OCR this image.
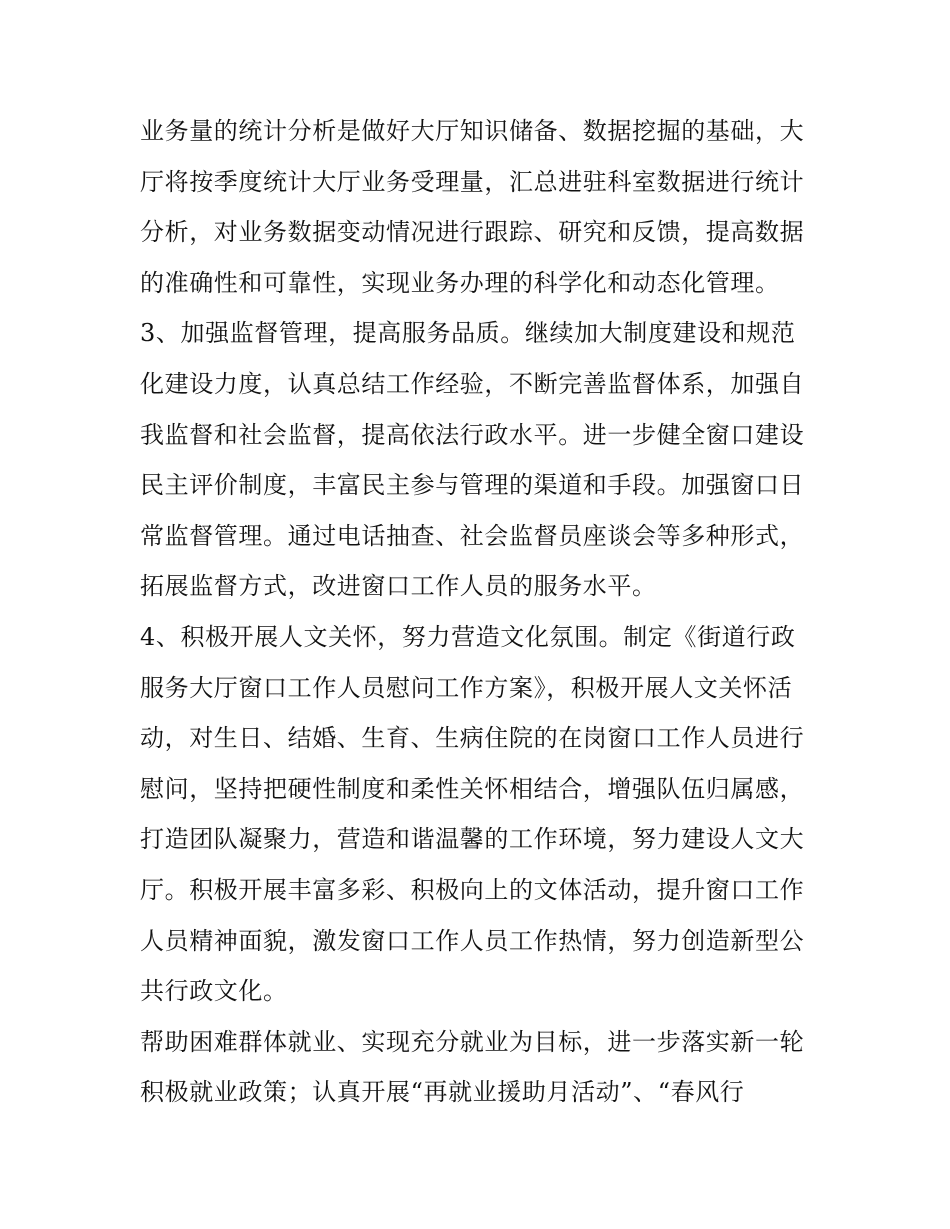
业务量的统计分析是做好大厅知识储备、数据挖掘的基础，大
厅将按季度统计大厅业务受理量，汇总进驻科室数据进行统计
分析，对业务数据变动情况进行跟踪、研究和反馈，提高数据
的准确性和可靠性，实现业务办理的科学化和动态化管理。
3、加强监督管理，提高服务品质。继续加大制度建设和规范
化建设力度，认真总结工作经验，不断完善监督体系，加强自
我监督和社会监督，提高依法行政水平。进一步健全窗口建设
民主评价制度，丰富民主参与管理的渠道和手段。加强窗口日
常监督管理。通过电话抽查、社会监督员座谈会等多种形式，
拓展监督方式，改进窗口工作人员的服务水平。
4、积极开展人文关怀，努力营造文化氛围。制定《街道行政
服务大厅窗口工作人员慰问工作方案》，积极开展人文关怀活
动，对生日、结婚、生育、生病住院的在岗窗口工作人员进行
慰问，坚持把硬性制度和柔性关怀相结合，增强队伍归属感，
打造团队凝聚力，营造和谐温馨的工作环境，努力建设人文大
厅。积极开展丰富多彩、积极向上的文体活动，提升窗口工作
人员精神面貌，激发窗口工作人员工作热情，努力创造新型公
共行政文化。
帮助困难群体就业、实现充分就业为目标，进一步落实新一轮
积极就业政策；认真开展“再就业援助月活动”、“春风行
